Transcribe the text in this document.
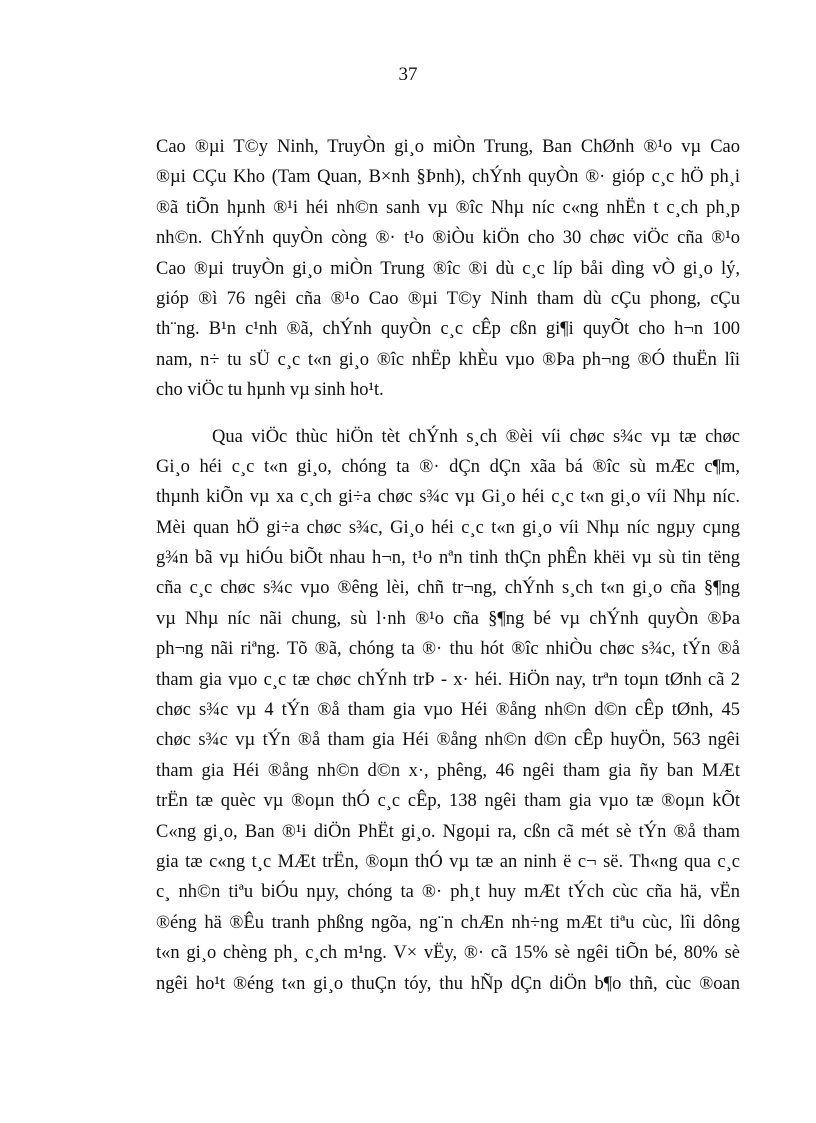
37
Cao ®µi T©y Ninh, TruyÒn gi¸o miÒn Trung, Ban ChØnh ®¹o vµ Cao
®µi CÇu Kho (Tam Quan, B×nh §Þnh), chÝnh quyÒn ®· gióp c¸c hÖ ph¸i
®ã tiÕn hµnh ®¹i héi nh©n sanh vµ ®îc Nhµ níc c«ng nhËn t c¸ch ph¸p
nh©n. ChÝnh quyÒn còng ®· t¹o ®iÒu kiÖn cho 30 chøc viÖc cña ®¹o
Cao ®µi truyÒn gi¸o miÒn Trung ®îc ®i dù c¸c líp båi dìng vÒ gi¸o lý,
gióp ®ì 76 ngêi cña ®¹o Cao ®µi T©y Ninh tham dù cÇu phong, cÇu
th¨ng. B¹n c¹nh ®ã, chÝnh quyÒn c¸c cÊp cßn gi¶i quyÕt cho h¬n 100
nam, n÷ tu sÜ c¸c t«n gi¸o ®îc nhËp khÈu vµo ®Þa ph¬ng ®Ó thuËn lîi
cho viÖc tu hµnh vµ sinh ho¹t.
Qua viÖc thùc hiÖn tèt chÝnh s¸ch ®èi víi chøc s¾c vµ tæ chøc
Gi¸o héi c¸c t«n gi¸o, chóng ta ®· dÇn dÇn xãa bá ®îc sù mÆc c¶m,
thµnh kiÕn vµ xa c¸ch gi÷a chøc s¾c vµ Gi¸o héi c¸c t«n gi¸o víi Nhµ níc.
Mèi quan hÖ gi÷a chøc s¾c, Gi¸o héi c¸c t«n gi¸o víi Nhµ níc ngµy cµng
g¾n bã vµ hiÓu biÕt nhau h¬n, t¹o nªn tinh thÇn phÊn khëi vµ sù tin tëng
cña c¸c chøc s¾c vµo ®êng lèi, chñ tr¬ng, chÝnh s¸ch t«n gi¸o cña §¶ng
vµ Nhµ níc nãi chung, sù l·nh ®¹o cña §¶ng bé vµ chÝnh quyÒn ®Þa
ph¬ng nãi riªng. Tõ ®ã, chóng ta ®· thu hót ®îc nhiÒu chøc s¾c, tÝn ®å
tham gia vµo c¸c tæ chøc chÝnh trÞ - x· héi. HiÖn nay, trªn toµn tØnh cã 2
chøc s¾c vµ 4 tÝn ®å tham gia vµo Héi ®ång nh©n d©n cÊp tØnh, 45
chøc s¾c vµ tÝn ®å tham gia Héi ®ång nh©n d©n cÊp huyÖn, 563 ngêi
tham gia Héi ®ång nh©n d©n x·, phêng, 46 ngêi tham gia ñy ban MÆt
trËn tæ quèc vµ ®oµn thÓ c¸c cÊp, 138 ngêi tham gia vµo tæ ®oµn kÕt
C«ng gi¸o, Ban ®¹i diÖn PhËt gi¸o. Ngoµi ra, cßn cã mét sè tÝn ®å tham
gia tæ c«ng t¸c MÆt trËn, ®oµn thÓ vµ tæ an ninh ë c¬ së. Th«ng qua c¸c
c¸ nh©n tiªu biÓu nµy, chóng ta ®· ph¸t huy mÆt tÝch cùc cña hä, vËn
®éng hä ®Êu tranh phßng ngõa, ng¨n chÆn nh÷ng mÆt tiªu cùc, lîi dông
t«n gi¸o chèng ph¸ c¸ch m¹ng. V× vËy, ®· cã 15% sè ngêi tiÕn bé, 80% sè
ngêi ho¹t ®éng t«n gi¸o thuÇn tóy, thu hÑp dÇn diÖn b¶o thñ, cùc ®oan
